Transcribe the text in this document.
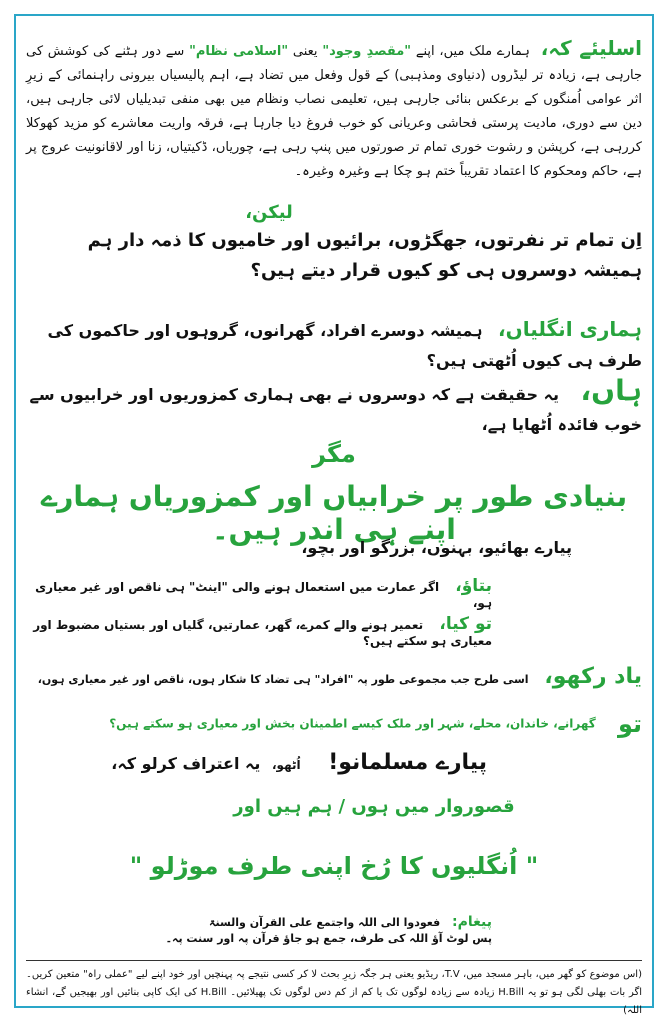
اسلیئے کہ، ہمارے ملک میں، اپنے "مقصدِ وجود" یعنی "اسلامی نظام" سے دور ہٹنے کی کوشش کی جارہی ہے، زیادہ تر لیڈروں (دنیاوی ومذہبی) کے قول وفعل میں تضاد ہے، اہم پالیسیاں بیرونی راہنمائی کے زیرِ اثر عوامی اُمنگوں کے برعکس بنائی جارہی ہیں، تعلیمی نصاب ونظام میں بھی منفی تبدیلیاں لائی جارہی ہیں، دین سے دوری، مادیت پرستی فحاشی وعریانی کو خوب فروغ دیا جارہا ہے، فرقہ واریت معاشرے کو مزید کھوکلا کررہی ہے، کرپشن و رشوت خوری تمام تر صورتوں میں پنپ رہی ہے، چوریاں، ڈکیتیاں، زنا اور لاقانونیت عروج پر ہے، حاکم ومحکوم کا اعتماد تقریباً ختم ہو چکا ہے وغیرہ وغیرہ۔
لیکن،
اِن تمام تر نفرتوں، جھگڑوں، برائیوں اور خامیوں کا ذمہ دار ہم ہمیشہ دوسروں ہی کو کیوں قرار دیتے ہیں؟
ہماری انگلیاں، ہمیشہ دوسرے افراد، گھرانوں، گروہوں اور حاکموں کی طرف ہی کیوں اُٹھتی ہیں؟
ہاں، یہ حقیقت ہے کہ دوسروں نے بھی ہماری کمزوریوں اور خرابیوں سے خوب فائدہ اُٹھایا ہے،
مگر
بنیادی طور پر خرابیاں اور کمزوریاں ہمارے اپنے ہی اندر ہیں۔
پیارے بھائیو، بہنوں، بزرگو اور بچو،
بتاؤ، اگر عمارت میں استعمال ہونے والی "اینٹ" ہی ناقص اور غیر معیاری ہو،
تو کیا، تعمیر ہونے والے کمرے، گھر، عمارتیں، گلیاں اور بستیاں مضبوط اور معیاری ہو سکتے ہیں؟
یاد رکھو، اسی طرح جب مجموعی طور پہ "افراد" ہی تضاد کا شکار ہوں، ناقص اور غیر معیاری ہوں،
تو گھرانے، خاندان، محلے، شہر اور ملک کیسے اطمینان بخش اور معیاری ہو سکتے ہیں؟
پیارے مسلمانو! اُٹھو، یہ اعتراف کرلو کہ،
قصوروار میں ہوں / ہم ہیں اور
" اُنگلیوں کا رُخ اپنی طرف موڑلو "
پیغام: فعودوا الی اللہ واجتمع علی القرآن والسنۃ
پس لوٹ آؤ اللہ کی طرف، جمع ہو جاؤ قرآن پہ اور سنت پہ۔
(اس موضوع کو گھر میں، باہر مسجد میں، T.V، ریڈیو یعنی ہر جگہ زیرِ بحث لا کر کسی نتیجے پہ پہنچیں اور خود اپنے لیے "عملی راہ" متعین کریں۔ اگر بات بھلی لگی ہو تو یہ H.Bill زیادہ سے زیادہ لوگوں تک یا کم از کم دس لوگوں تک پھیلائیں۔ H.Bill کی ایک کاپی بنائیں اور بھیجیں گے، انشاء اللہ)
